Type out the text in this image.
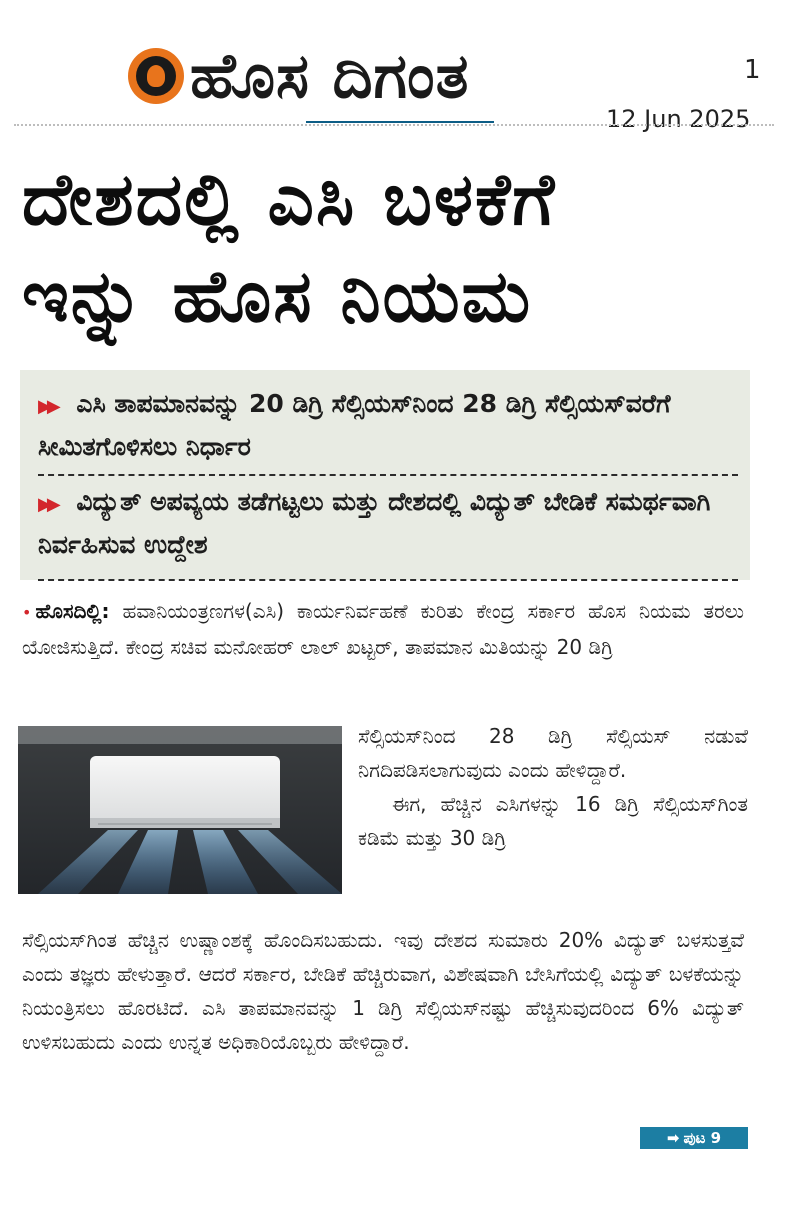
ಹೊಸ ದಿಗಂತ	1
12 Jun 2025
ದೇಶದಲ್ಲಿ ಎಸಿ ಬಳಕೆಗೆ
ಇನ್ನು ಹೊಸ ನಿಯಮ
▶▶ ಎಸಿ ತಾಪಮಾನವನ್ನು 20 ಡಿಗ್ರಿ ಸೆಲ್ಸಿಯಸ್‌ನಿಂದ 28 ಡಿಗ್ರಿ ಸೆಲ್ಸಿಯಸ್‌ವರೆಗೆ ಸೀಮಿತಗೊಳಿಸಲು ನಿರ್ಧಾರ
▶▶ ವಿದ್ಯುತ್ ಅಪವ್ಯಯ ತಡೆಗಟ್ಟಲು ಮತ್ತು ದೇಶದಲ್ಲಿ ವಿದ್ಯುತ್ ಬೇಡಿಕೆ ಸಮರ್ಥವಾಗಿ ನಿರ್ವಹಿಸುವ ಉದ್ದೇಶ
• ಹೊಸದಿಲ್ಲಿ: ಹವಾನಿಯಂತ್ರಣಗಳ(ಎಸಿ) ಕಾರ್ಯನಿರ್ವಹಣೆ ಕುರಿತು ಕೇಂದ್ರ ಸರ್ಕಾರ ಹೊಸ ನಿಯಮ ತರಲು ಯೋಜಿಸುತ್ತಿದೆ. ಕೇಂದ್ರ ಸಚಿವ ಮನೋಹರ್ ಲಾಲ್ ಖಟ್ಟರ್, ತಾಪಮಾನ ಮಿತಿಯನ್ನು 20 ಡಿಗ್ರಿ
ಸೆಲ್ಸಿಯಸ್‌ನಿಂದ 28 ಡಿಗ್ರಿ ಸೆಲ್ಸಿಯಸ್ ನಡುವೆ ನಿಗದಿಪಡಿಸಲಾಗುವುದು ಎಂದು ಹೇಳಿದ್ದಾರೆ.
ಈಗ, ಹೆಚ್ಚಿನ ಎಸಿಗಳನ್ನು 16 ಡಿಗ್ರಿ ಸೆಲ್ಸಿಯಸ್‌ಗಿಂತ ಕಡಿಮೆ ಮತ್ತು 30 ಡಿಗ್ರಿ
ಸೆಲ್ಸಿಯಸ್‌ಗಿಂತ ಹೆಚ್ಚಿನ ಉಷ್ಣಾಂಶಕ್ಕೆ ಹೊಂದಿಸಬಹುದು. ಇವು ದೇಶದ ಸುಮಾರು 20% ವಿದ್ಯುತ್ ಬಳಸುತ್ತವೆ ಎಂದು ತಜ್ಞರು ಹೇಳುತ್ತಾರೆ. ಆದರೆ ಸರ್ಕಾರ, ಬೇಡಿಕೆ ಹೆಚ್ಚಿರುವಾಗ, ವಿಶೇಷವಾಗಿ ಬೇಸಿಗೆಯಲ್ಲಿ ವಿದ್ಯುತ್ ಬಳಕೆಯನ್ನು ನಿಯಂತ್ರಿಸಲು ಹೊರಟಿದೆ. ಎಸಿ ತಾಪಮಾನವನ್ನು 1 ಡಿಗ್ರಿ ಸೆಲ್ಸಿಯಸ್‌ನಷ್ಟು ಹೆಚ್ಚಿಸುವುದರಿಂದ 6% ವಿದ್ಯುತ್ ಉಳಿಸಬಹುದು ಎಂದು ಉನ್ನತ ಅಧಿಕಾರಿಯೊಬ್ಬರು ಹೇಳಿದ್ದಾರೆ.
➡ ಪುಟ 9
